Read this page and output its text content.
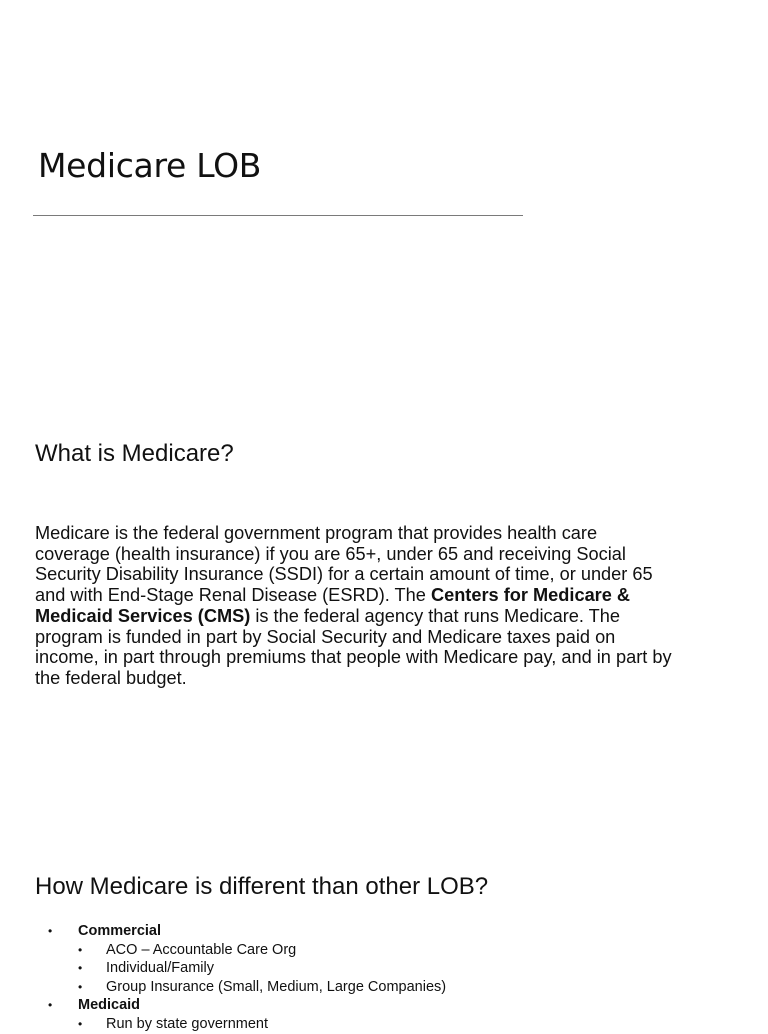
Medicare LOB
What is Medicare?

Medicare is the federal government program that provides health care coverage (health insurance) if you are 65+, under 65 and receiving Social Security Disability Insurance (SSDI) for a certain amount of time, or under 65 and with End-Stage Renal Disease (ESRD). The Centers for Medicare & Medicaid Services (CMS) is the federal agency that runs Medicare. The program is funded in part by Social Security and Medicare taxes paid on income, in part through premiums that people with Medicare pay, and in part by the federal budget.

How Medicare is different than other LOB?
• Commercial
• ACO – Accountable Care Org
• Individual/Family
• Group Insurance (Small, Medium, Large Companies)
• Medicaid
• Run by state government
